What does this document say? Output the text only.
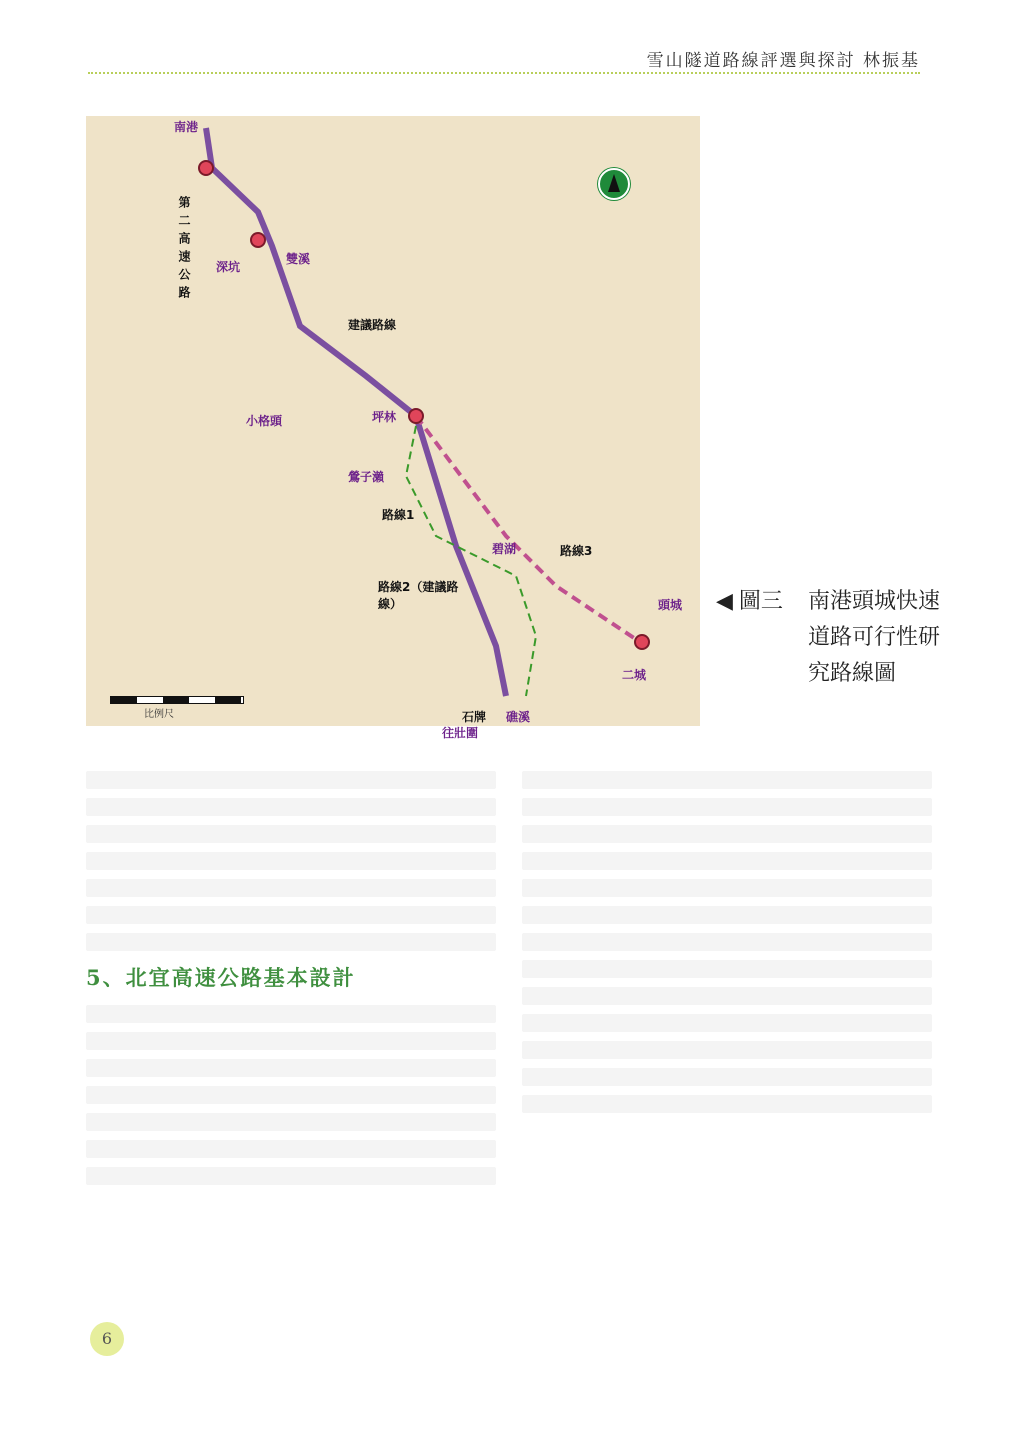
雪山隧道路線評選與探討 林振基
比例尺
南港
第二高速公路 深坑
雙溪
建議路線
小格頭	坪林
鶯子瀨
路線1
碧湖	路線3
路線2（建議路線）	頭城
二城
礁溪
石牌
往壯圍
◀ 圖三 南港頭城快速道路可行性研究路線圖

5、北宜高速公路基本設計

6
